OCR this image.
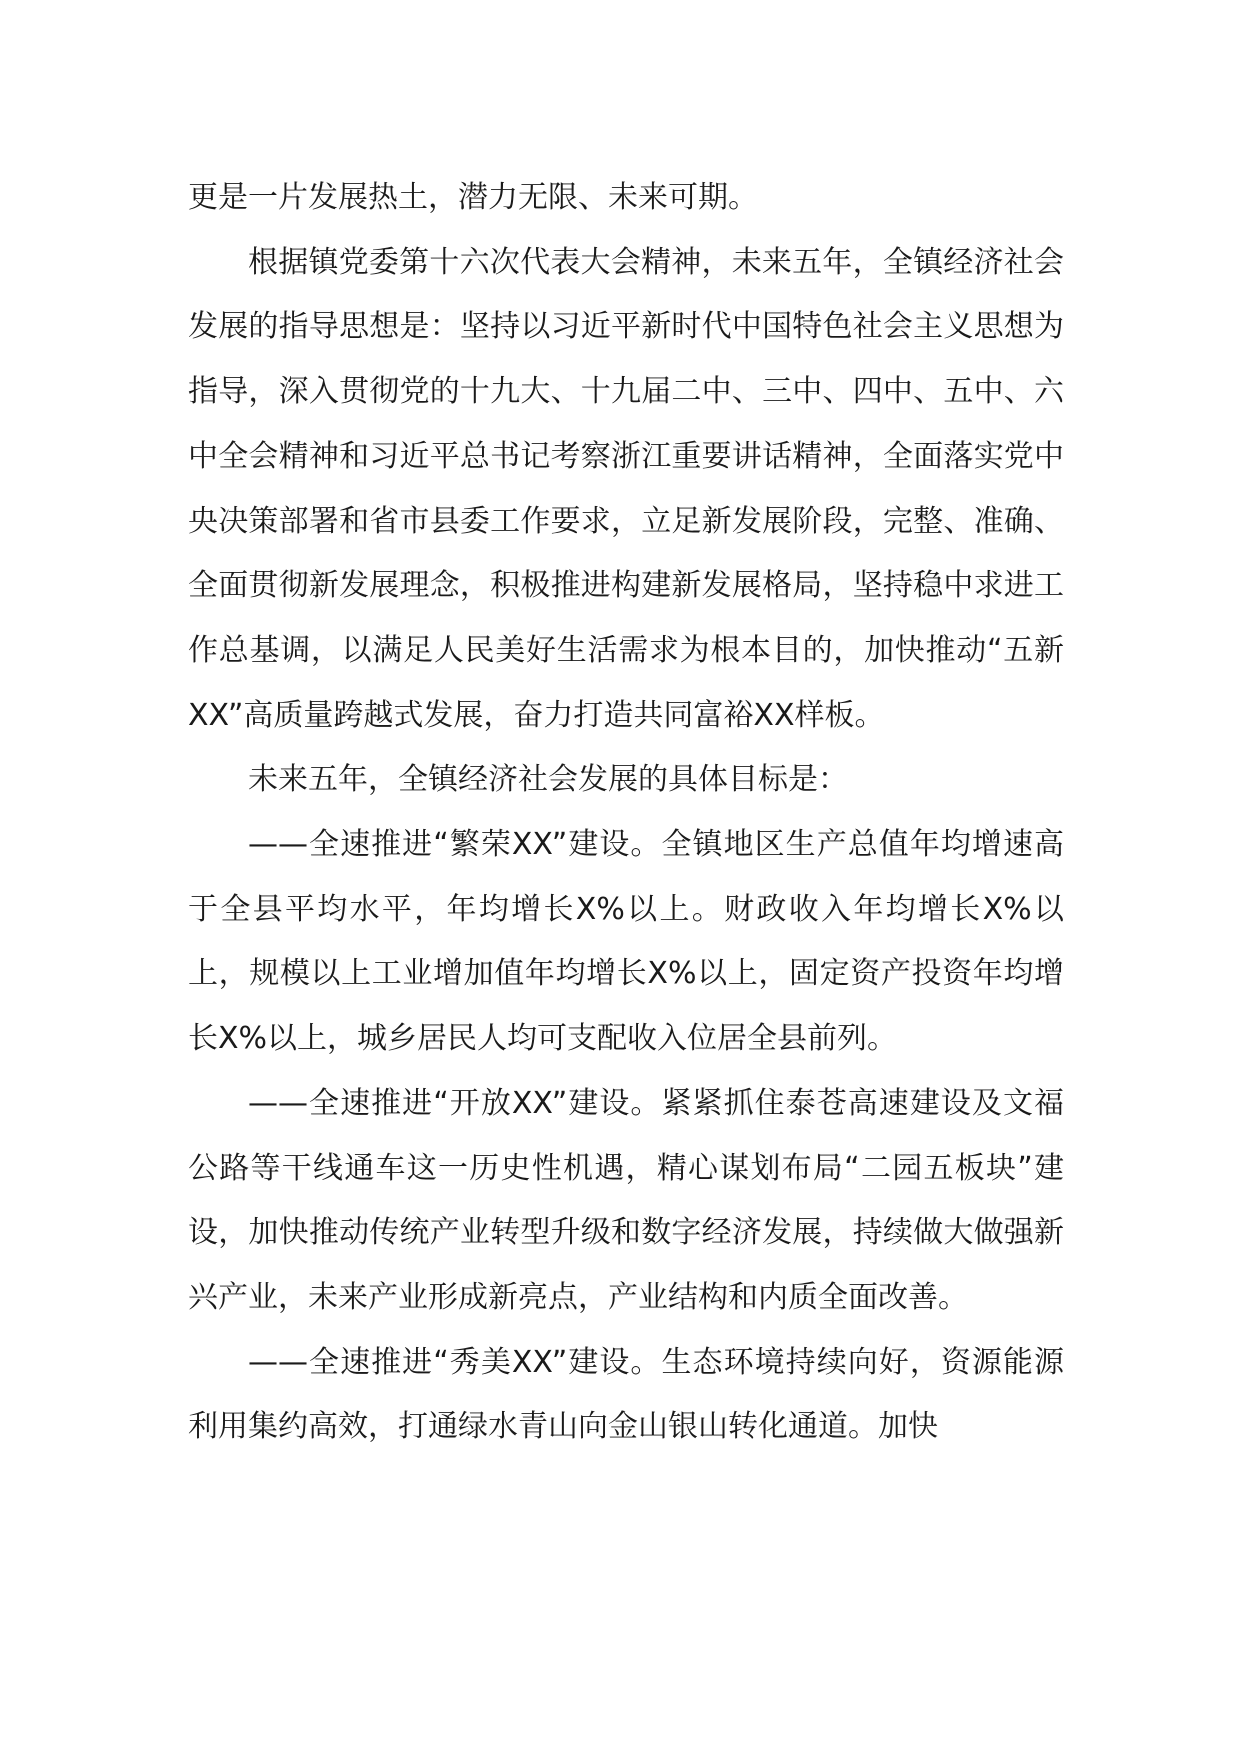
更是一片发展热土，潜力无限、未来可期。

根据镇党委第十六次代表大会精神，未来五年，全镇经济社会发展的指导思想是：坚持以习近平新时代中国特色社会主义思想为指导，深入贯彻党的十九大、十九届二中、三中、四中、五中、六中全会精神和习近平总书记考察浙江重要讲话精神，全面落实党中央决策部署和省市县委工作要求，立足新发展阶段，完整、准确、全面贯彻新发展理念，积极推进构建新发展格局，坚持稳中求进工作总基调，以满足人民美好生活需求为根本目的，加快推动“五新XX”高质量跨越式发展，奋力打造共同富裕XX样板。

未来五年，全镇经济社会发展的具体目标是：

——全速推进“繁荣XX”建设。全镇地区生产总值年均增速高于全县平均水平，年均增长X%以上。财政收入年均增长X%以上，规模以上工业增加值年均增长X%以上，固定资产投资年均增长X%以上，城乡居民人均可支配收入位居全县前列。

——全速推进“开放XX”建设。紧紧抓住泰苍高速建设及文福公路等干线通车这一历史性机遇，精心谋划布局“二园五板块”建设，加快推动传统产业转型升级和数字经济发展，持续做大做强新兴产业，未来产业形成新亮点，产业结构和内质全面改善。

——全速推进“秀美XX”建设。生态环境持续向好，资源能源利用集约高效，打通绿水青山向金山银山转化通道。加快
